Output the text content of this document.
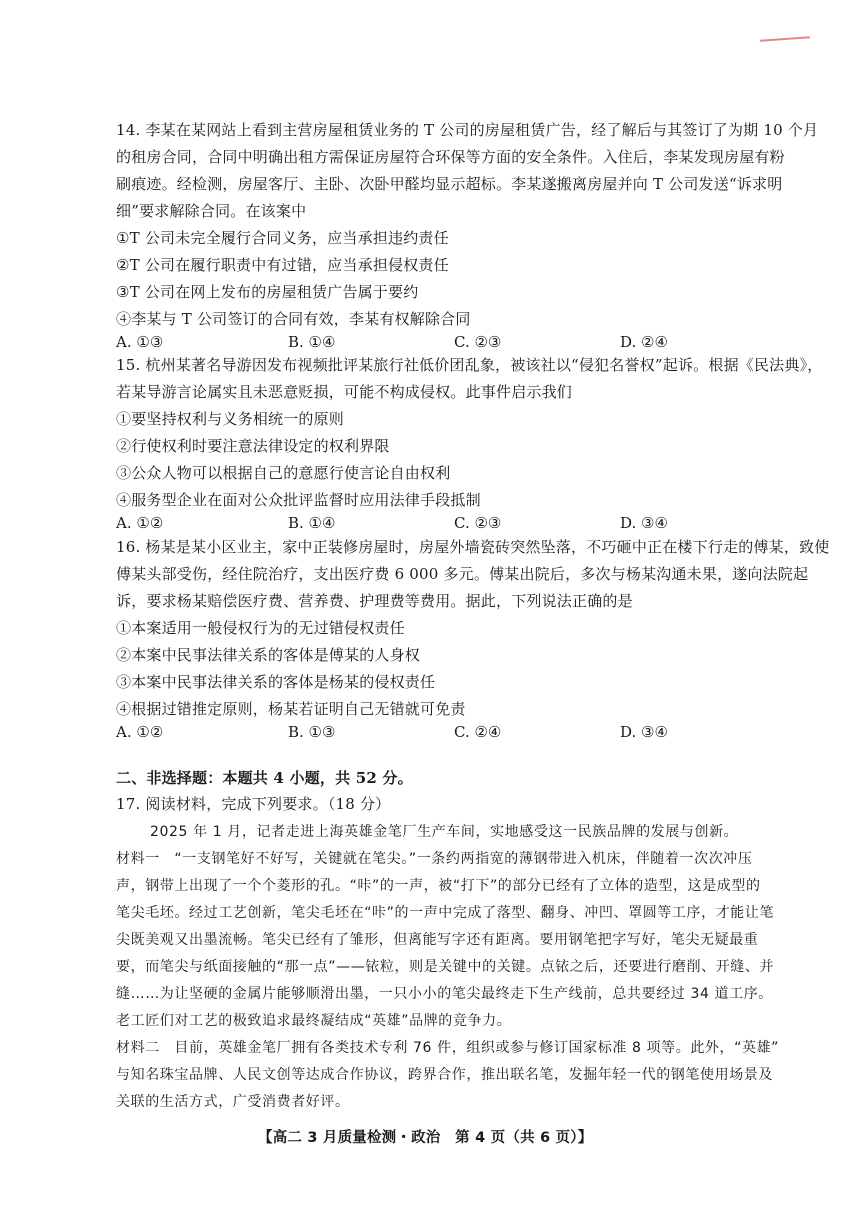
14. 李某在某网站上看到主营房屋租赁业务的 T 公司的房屋租赁广告，经了解后与其签订了为期 10 个月
的租房合同，合同中明确出租方需保证房屋符合环保等方面的安全条件。入住后，李某发现房屋有粉
刷痕迹。经检测，房屋客厅、主卧、次卧甲醛均显示超标。李某遂搬离房屋并向 T 公司发送“诉求明
细”要求解除合同。在该案中
①T 公司未完全履行合同义务，应当承担违约责任
②T 公司在履行职责中有过错，应当承担侵权责任
③T 公司在网上发布的房屋租赁广告属于要约
④李某与 T 公司签订的合同有效，李某有权解除合同
A. ①③	B. ①④	C. ②③	D. ②④
15. 杭州某著名导游因发布视频批评某旅行社低价团乱象，被该社以“侵犯名誉权”起诉。根据《民法典》，
若某导游言论属实且未恶意贬损，可能不构成侵权。此事件启示我们
①要坚持权利与义务相统一的原则
②行使权利时要注意法律设定的权利界限
③公众人物可以根据自己的意愿行使言论自由权利
④服务型企业在面对公众批评监督时应用法律手段抵制
A. ①②	B. ①④	C. ②③	D. ③④
16. 杨某是某小区业主，家中正装修房屋时，房屋外墙瓷砖突然坠落，不巧砸中正在楼下行走的傅某，致使
傅某头部受伤，经住院治疗，支出医疗费 6 000 多元。傅某出院后，多次与杨某沟通未果，遂向法院起
诉，要求杨某赔偿医疗费、营养费、护理费等费用。据此，下列说法正确的是
①本案适用一般侵权行为的无过错侵权责任
②本案中民事法律关系的客体是傅某的人身权
③本案中民事法律关系的客体是杨某的侵权责任
④根据过错推定原则，杨某若证明自己无错就可免责
A. ①②	B. ①③	C. ②④	D. ③④
二、非选择题：本题共 4 小题，共 52 分。
17. 阅读材料，完成下列要求。（18 分）
2025 年 1 月，记者走进上海英雄金笔厂生产车间，实地感受这一民族品牌的发展与创新。
材料一　“一支钢笔好不好写，关键就在笔尖。”一条约两指宽的薄钢带进入机床，伴随着一次次冲压
声，钢带上出现了一个个菱形的孔。“咔”的一声，被“打下”的部分已经有了立体的造型，这是成型的
笔尖毛坯。经过工艺创新，笔尖毛坯在“咔”的一声中完成了落型、翻身、冲凹、罩圆等工序，才能让笔
尖既美观又出墨流畅。笔尖已经有了雏形，但离能写字还有距离。要用钢笔把字写好，笔尖无疑最重
要，而笔尖与纸面接触的“那一点”——铱粒，则是关键中的关键。点铱之后，还要进行磨削、开缝、并
缝……为让坚硬的金属片能够顺滑出墨，一只小小的笔尖最终走下生产线前，总共要经过 34 道工序。
老工匠们对工艺的极致追求最终凝结成“英雄”品牌的竞争力。
材料二　目前，英雄金笔厂拥有各类技术专利 76 件，组织或参与修订国家标准 8 项等。此外，“英雄”
与知名珠宝品牌、人民文创等达成合作协议，跨界合作，推出联名笔，发掘年轻一代的钢笔使用场景及
关联的生活方式，广受消费者好评。
【高二 3 月质量检测・政治　第 4 页（共 6 页）】
